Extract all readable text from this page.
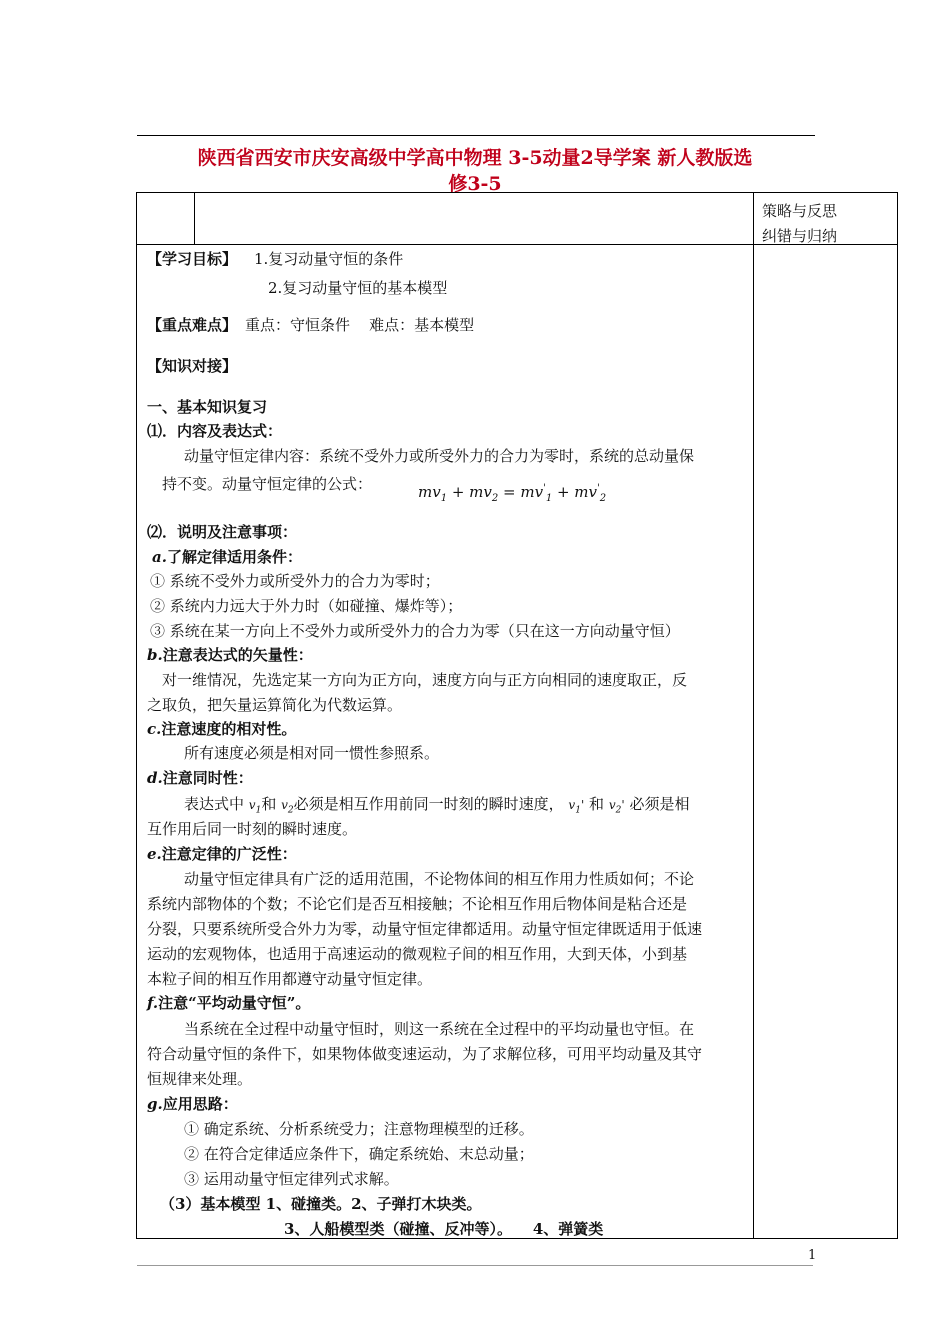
陕西省西安市庆安高级中学高中物理 3-5动量2导学案 新人教版选
修3-5
策略与反思
纠错与归纳
【学习目标】 1.复习动量守恒的条件
2.复习动量守恒的基本模型
【重点难点】 重点：守恒条件    难点：基本模型
【知识对接】
一、基本知识复习
⑴．内容及表达式：
动量守恒定律内容：系统不受外力或所受外力的合力为零时，系统的总动量保
持不变。动量守恒定律的公式：	$mv_1 + mv_2 = mv'_1 + mv'_2$
⑵．说明及注意事项：
a.了解定律适用条件：
① 系统不受外力或所受外力的合力为零时；
② 系统内力远大于外力时（如碰撞、爆炸等）；
③ 系统在某一方向上不受外力或所受外力的合力为零（只在这一方向动量守恒）
b.注意表达式的矢量性：
对一维情况，先选定某一方向为正方向，速度方向与正方向相同的速度取正，反
之取负，把矢量运算简化为代数运算。
c.注意速度的相对性。
所有速度必须是相对同一惯性参照系。
d.注意同时性：
表达式中 $v_1$和 $v_2$必须是相互作用前同一时刻的瞬时速度， $v_1'$ 和 $v_2'$ 必须是相
互作用后同一时刻的瞬时速度。
e.注意定律的广泛性：
动量守恒定律具有广泛的适用范围，不论物体间的相互作用力性质如何；不论
系统内部物体的个数；不论它们是否互相接触；不论相互作用后物体间是粘合还是
分裂，只要系统所受合外力为零，动量守恒定律都适用。动量守恒定律既适用于低速
运动的宏观物体，也适用于高速运动的微观粒子间的相互作用，大到天体，小到基
本粒子间的相互作用都遵守动量守恒定律。
f.注意“平均动量守恒”。
当系统在全过程中动量守恒时，则这一系统在全过程中的平均动量也守恒。在
符合动量守恒的条件下，如果物体做变速运动，为了求解位移，可用平均动量及其守
恒规律来处理。
g.应用思路：
① 确定系统、分析系统受力；注意物理模型的迁移。
② 在符合定律适应条件下，确定系统始、末总动量；
③ 运用动量守恒定律列式求解。
（3）基本模型 1、碰撞类。2、子弹打木块类。
3、人船模型类（碰撞、反冲等）。    4、弹簧类
1
